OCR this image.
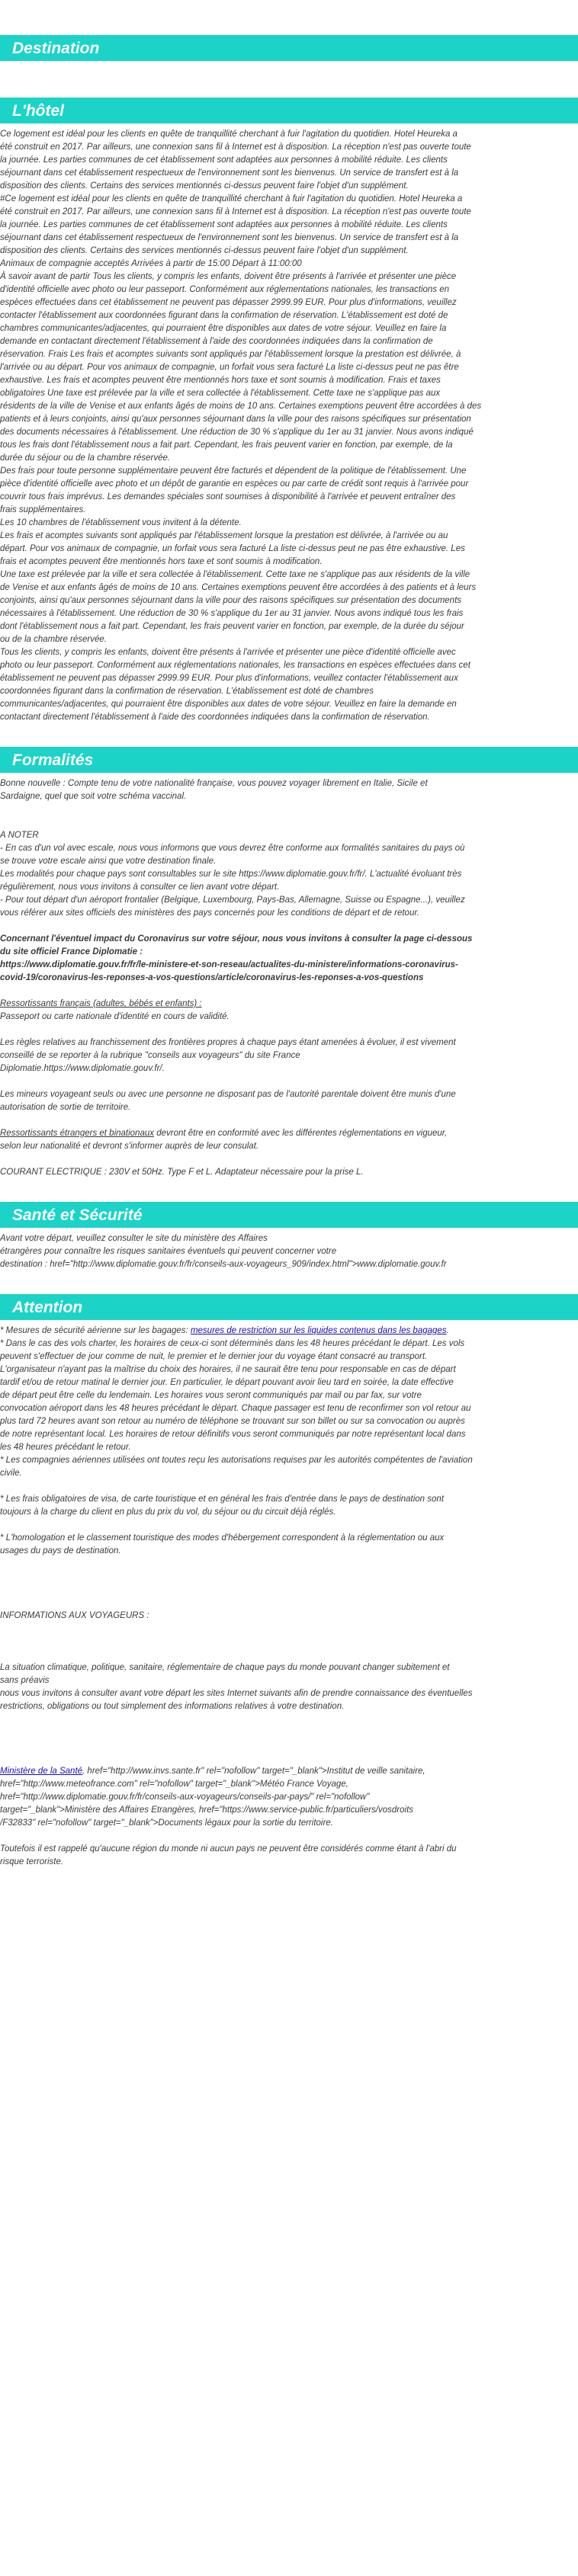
Destination
L'hôtel

Ce logement est idéal pour les clients en quête de tranquillité cherchant à fuir l'agitation du quotidien. Hotel Heureka a

été construit en 2017. Par ailleurs, une connexion sans fil à Internet est à disposition. La réception n'est pas ouverte toute

la journée. Les parties communes de cet établissement sont adaptées aux personnes à mobilité réduite. Les clients

séjournant dans cet établissement respectueux de l'environnement sont les bienvenus. Un service de transfert est à la

disposition des clients. Certains des services mentionnés ci-dessus peuvent faire l'objet d'un supplément.

#Ce logement est idéal pour les clients en quête de tranquillité cherchant à fuir l'agitation du quotidien. Hotel Heureka a

été construit en 2017. Par ailleurs, une connexion sans fil à Internet est à disposition. La réception n'est pas ouverte toute

la journée. Les parties communes de cet établissement sont adaptées aux personnes à mobilité réduite. Les clients

séjournant dans cet établissement respectueux de l'environnement sont les bienvenus. Un service de transfert est à la

disposition des clients. Certains des services mentionnés ci-dessus peuvent faire l'objet d'un supplément.

Animaux de compagnie acceptés Arrivées à partir de 15:00 Départ à 11:00:00

À savoir avant de partir Tous les clients, y compris les enfants, doivent être présents à l'arrivée et présenter une pièce

d'identité officielle avec photo ou leur passeport. Conformément aux réglementations nationales, les transactions en

espèces effectuées dans cet établissement ne peuvent pas dépasser 2999.99 EUR. Pour plus d'informations, veuillez

contacter l'établissement aux coordonnées figurant dans la confirmation de réservation. L'établissement est doté de

chambres communicantes/adjacentes, qui pourraient être disponibles aux dates de votre séjour. Veuillez en faire la

demande en contactant directement l'établissement à l'aide des coordonnées indiquées dans la confirmation de

réservation. Frais Les frais et acomptes suivants sont appliqués par l'établissement lorsque la prestation est délivrée, à

l'arrivée ou au départ. Pour vos animaux de compagnie, un forfait vous sera facturé La liste ci-dessus peut ne pas être

exhaustive. Les frais et acomptes peuvent être mentionnés hors taxe et sont soumis à modification. Frais et taxes

obligatoires Une taxe est prélevée par la ville et sera collectée à l'établissement. Cette taxe ne s'applique pas aux

résidents de la ville de Venise et aux enfants âgés de moins de 10 ans. Certaines exemptions peuvent être accordées à des

patients et à leurs conjoints, ainsi qu'aux personnes séjournant dans la ville pour des raisons spécifiques sur présentation

des documents nécessaires à l'établissement. Une réduction de 30 % s'applique du 1er au 31 janvier. Nous avons indiqué

tous les frais dont l'établissement nous a fait part. Cependant, les frais peuvent varier en fonction, par exemple, de la

durée du séjour ou de la chambre réservée.

Des frais pour toute personne supplémentaire peuvent être facturés et dépendent de la politique de l'établissement. Une

pièce d'identité officielle avec photo et un dépôt de garantie en espèces ou par carte de crédit sont requis à l'arrivée pour

couvrir tous frais imprévus. Les demandes spéciales sont soumises à disponibilité à l'arrivée et peuvent entraîner des

frais supplémentaires.

Les 10 chambres de l'établissement vous invitent à la détente.

Les frais et acomptes suivants sont appliqués par l'établissement lorsque la prestation est délivrée, à l'arrivée ou au

départ. Pour vos animaux de compagnie, un forfait vous sera facturé La liste ci-dessus peut ne pas être exhaustive. Les

frais et acomptes peuvent être mentionnés hors taxe et sont soumis à modification.

Une taxe est prélevée par la ville et sera collectée à l'établissement. Cette taxe ne s'applique pas aux résidents de la ville

de Venise et aux enfants âgés de moins de 10 ans. Certaines exemptions peuvent être accordées à des patients et à leurs

conjoints, ainsi qu'aux personnes séjournant dans la ville pour des raisons spécifiques sur présentation des documents

nécessaires à l'établissement. Une réduction de 30 % s'applique du 1er au 31 janvier. Nous avons indiqué tous les frais

dont l'établissement nous a fait part. Cependant, les frais peuvent varier en fonction, par exemple, de la durée du séjour

ou de la chambre réservée.

Tous les clients, y compris les enfants, doivent être présents à l'arrivée et présenter une pièce d'identité officielle avec

photo ou leur passeport. Conformément aux réglementations nationales, les transactions en espèces effectuées dans cet

établissement ne peuvent pas dépasser 2999.99 EUR. Pour plus d'informations, veuillez contacter l'établissement aux

coordonnées figurant dans la confirmation de réservation. L'établissement est doté de chambres

communicantes/adjacentes, qui pourraient être disponibles aux dates de votre séjour. Veuillez en faire la demande en

contactant directement l'établissement à l'aide des coordonnées indiquées dans la confirmation de réservation.

Formalités

Bonne nouvelle : Compte tenu de votre nationalité française, vous pouvez voyager librement en Italie, Sicile et

Sardaigne, quel que soit votre schéma vaccinal.

A NOTER

- En cas d'un vol avec escale, nous vous informons que vous devrez être conforme aux formalités sanitaires du pays où

se trouve votre escale ainsi que votre destination finale.

Les modalités pour chaque pays sont consultables sur le site https://www.diplomatie.gouv.fr/fr/. L'actualité évoluant très

régulièrement, nous vous invitons à consulter ce lien avant votre départ.

- Pour tout départ d'un aéroport frontalier (Belgique, Luxembourg, Pays-Bas, Allemagne, Suisse ou Espagne...), veuillez

vous référer aux sites officiels des ministères des pays concernés pour les conditions de départ et de retour.

Concernant l'éventuel impact du Coronavirus sur votre séjour, nous vous invitons à consulter la page ci-dessous

du site officiel France Diplomatie :

https://www.diplomatie.gouv.fr/fr/le-ministere-et-son-reseau/actualites-du-ministere/informations-coronavirus-

covid-19/coronavirus-les-reponses-a-vos-questions/article/coronavirus-les-reponses-a-vos-questions

Ressortissants français (adultes, bébés et enfants) :

Passeport ou carte nationale d'identité en cours de validité.

Les règles relatives au franchissement des frontières propres à chaque pays étant amenées à évoluer, il est vivement

conseillé de se reporter à la rubrique "conseils aux voyageurs" du site France

Diplomatie.https://www.diplomatie.gouv.fr/.

Les mineurs voyageant seuls ou avec une personne ne disposant pas de l'autorité parentale doivent être munis d'une

autorisation de sortie de territoire.

Ressortissants étrangers et binationaux devront être en conformité avec les différentes réglementations en vigueur,

selon leur nationalité et devront s'informer auprès de leur consulat.

COURANT ELECTRIQUE : 230V et 50Hz. Type F et L. Adaptateur nécessaire pour la prise L.

Santé et Sécurité

Avant votre départ, veuillez consulter le site du ministère des Affaires

étrangères pour connaître les risques sanitaires éventuels qui peuvent concerner votre

destination : href="http://www.diplomatie.gouv.fr/fr/conseils-aux-voyageurs_909/index.html">www.diplomatie.gouv.fr

Attention

* Mesures de sécurité aérienne sur les bagages: mesures de restriction sur les liquides contenus dans les bagages.

* Dans le cas des vols charter, les horaires de ceux-ci sont déterminés dans les 48 heures précédant le départ. Les vols

peuvent s'effectuer de jour comme de nuit, le premier et le dernier jour du voyage étant consacré au transport.

L'organisateur n'ayant pas la maîtrise du choix des horaires, il ne saurait être tenu pour responsable en cas de départ

tardif et/ou de retour matinal le dernier jour. En particulier, le départ pouvant avoir lieu tard en soirée, la date effective

de départ peut être celle du lendemain. Les horaires vous seront communiqués par mail ou par fax, sur votre

convocation aéroport dans les 48 heures précédant le départ. Chaque passager est tenu de reconfirmer son vol retour au

plus tard 72 heures avant son retour au numéro de téléphone se trouvant sur son billet ou sur sa convocation ou auprès

de notre représentant local. Les horaires de retour définitifs vous seront communiqués par notre représentant local dans

les 48 heures précédant le retour.

* Les compagnies aériennes utilisées ont toutes reçu les autorisations requises par les autorités compétentes de l'aviation

civile.

* Les frais obligatoires de visa, de carte touristique et en général les frais d'entrée dans le pays de destination sont

toujours à la charge du client en plus du prix du vol, du séjour ou du circuit déjà réglés.

* L'homologation et le classement touristique des modes d'hébergement correspondent à la réglementation ou aux

usages du pays de destination.

INFORMATIONS AUX VOYAGEURS :

La situation climatique, politique, sanitaire, réglementaire de chaque pays du monde pouvant changer subitement et

sans préavis

nous vous invitons à consulter avant votre départ les sites Internet suivants afin de prendre connaissance des éventuelles

restrictions, obligations ou tout simplement des informations relatives à votre destination.

Ministère de la Santé, href="http://www.invs.sante.fr" rel="nofollow" target="_blank">Institut de veille sanitaire,

href="http://www.meteofrance.com" rel="nofollow" target="_blank">Météo France Voyage,

href="http://www.diplomatie.gouv.fr/fr/conseils-aux-voyageurs/conseils-par-pays/" rel="nofollow"

target="_blank">Ministère des Affaires Etrangères, href="https://www.service-public.fr/particuliers/vosdroits

/F32833" rel="nofollow" target="_blank">Documents légaux pour la sortie du territoire.

Toutefois il est rappelé qu'aucune région du monde ni aucun pays ne peuvent être considérés comme étant à l'abri du

risque terroriste.
